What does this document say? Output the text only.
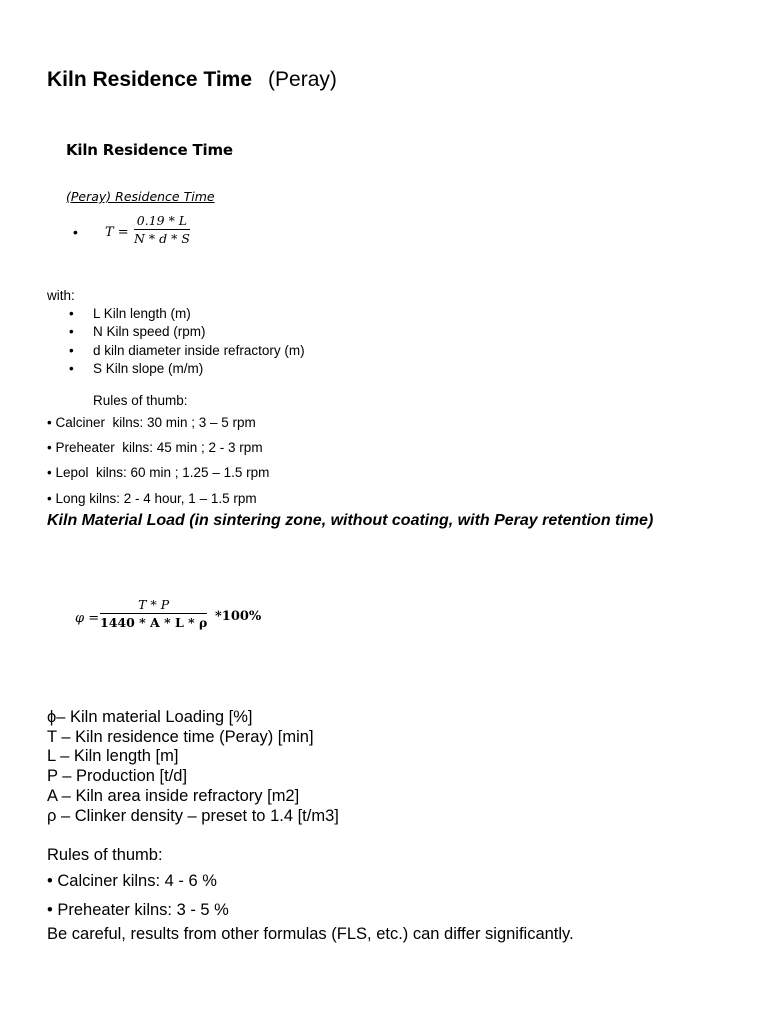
Kiln Residence Time (Peray)
Kiln Residence Time
(Peray) Residence Time
• $T = \frac{0.19 * L}{N * d * S}$
with:
• L Kiln length (m)
• N Kiln speed (rpm)
• d kiln diameter inside refractory (m)
• S Kiln slope (m/m)
Rules of thumb:
• Calciner  kilns: 30 min ; 3 – 5 rpm
• Preheater  kilns: 45 min ; 2 - 3 rpm
• Lepol  kilns: 60 min ; 1.25 – 1.5 rpm
• Long kilns: 2 - 4 hour, 1 – 1.5 rpm
Kiln Material Load (in sintering zone, without coating, with Peray retention time)
$\varphi = \frac{T * P}{1440 * A * L * \rho} *100\%$
ϕ– Kiln material Loading [%]
T – Kiln residence time (Peray) [min]
L – Kiln length [m]
P – Production [t/d]
A – Kiln area inside refractory [m2]
ρ – Clinker density – preset to 1.4 [t/m3]
Rules of thumb:
• Calciner kilns: 4 - 6 %
• Preheater kilns: 3 - 5 %
Be careful, results from other formulas (FLS, etc.) can differ significantly.
